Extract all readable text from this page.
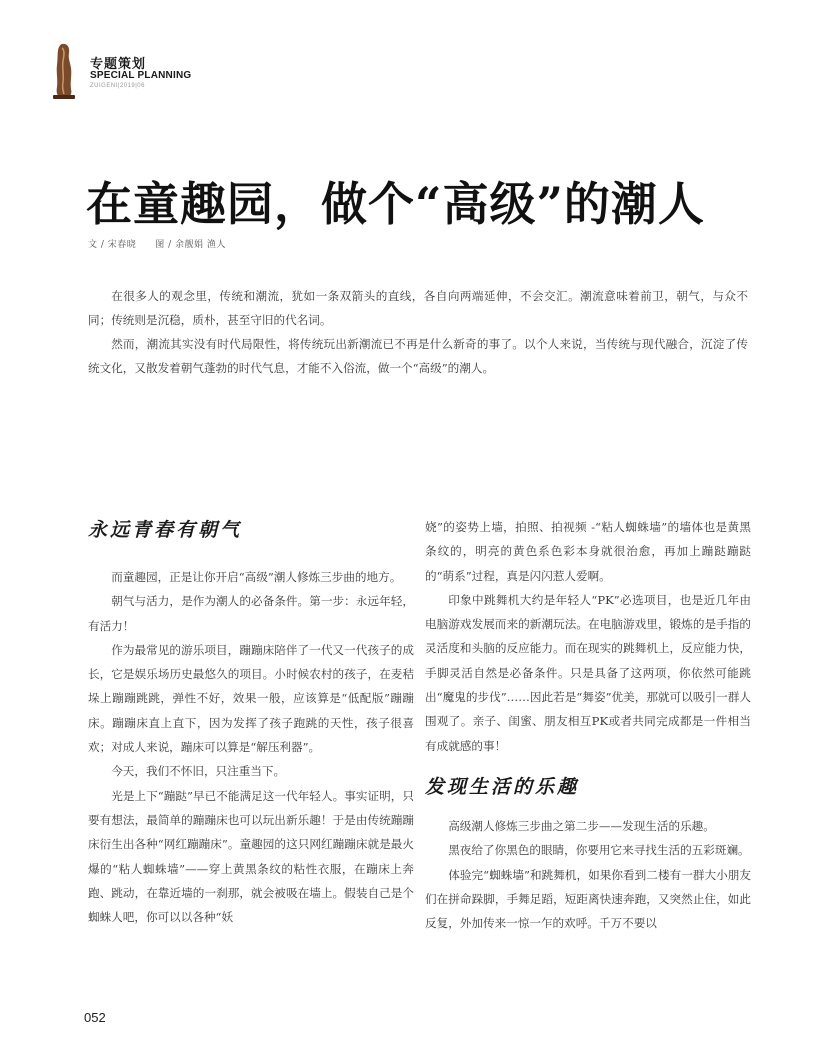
专题策划
SPECIAL PLANNING
ZUIGENI|2019|06
在童趣园，做个“高级”的潮人
文 / 宋春晓　　图 / 余靓娟 渔人

在很多人的观念里，传统和潮流，犹如一条双箭头的直线，各自向两端延伸，不会交汇。潮流意味着前卫，朝气，与众不同；传统则是沉稳，质朴，甚至守旧的代名词。

然而，潮流其实没有时代局限性，将传统玩出新潮流已不再是什么新奇的事了。以个人来说，当传统与现代融合，沉淀了传统文化，又散发着朝气蓬勃的时代气息，才能不入俗流，做一个“高级”的潮人。

永远青春有朝气

而童趣园，正是让你开启“高级”潮人修炼三步曲的地方。

朝气与活力，是作为潮人的必备条件。第一步：永远年轻，有活力！

作为最常见的游乐项目，蹦蹦床陪伴了一代又一代孩子的成长，它是娱乐场历史最悠久的项目。小时候农村的孩子，在麦秸垛上蹦蹦跳跳，弹性不好，效果一般，应该算是“低配版”蹦蹦床。蹦蹦床直上直下，因为发挥了孩子跑跳的天性，孩子很喜欢；对成人来说，蹦床可以算是“解压利器”。

今天，我们不怀旧，只注重当下。

光是上下“蹦跶”早已不能满足这一代年轻人。事实证明，只要有想法，最简单的蹦蹦床也可以玩出新乐趣！于是由传统蹦蹦床衍生出各种“网红蹦蹦床”。童趣园的这只网红蹦蹦床就是最火爆的“粘人蜘蛛墙”——穿上黄黑条纹的粘性衣服，在蹦床上奔跑、跳动，在靠近墙的一刹那，就会被吸在墙上。假装自己是个蜘蛛人吧，你可以以各种“妖

娆”的姿势上墙，拍照、拍视频 -“粘人蜘蛛墙”的墙体也是黄黑条纹的，明亮的黄色系色彩本身就很治愈，再加上蹦跶蹦跶的“萌系”过程，真是闪闪惹人爱啊。

印象中跳舞机大约是年轻人“PK”必选项目，也是近几年由电脑游戏发展而来的新潮玩法。在电脑游戏里，锻炼的是手指的灵活度和头脑的反应能力。而在现实的跳舞机上，反应能力快，手脚灵活自然是必备条件。只是具备了这两项，你依然可能跳出“魔鬼的步伐”……因此若是“舞姿”优美，那就可以吸引一群人围观了。亲子、闺蜜、朋友相互PK或者共同完成都是一件相当有成就感的事！

发现生活的乐趣

高级潮人修炼三步曲之第二步——发现生活的乐趣。

黑夜给了你黑色的眼睛，你要用它来寻找生活的五彩斑斓。

体验完“蜘蛛墙”和跳舞机，如果你看到二楼有一群大小朋友们在拼命跺脚，手舞足蹈，短距离快速奔跑，又突然止住，如此反复，外加传来一惊一乍的欢呼。千万不要以

052
